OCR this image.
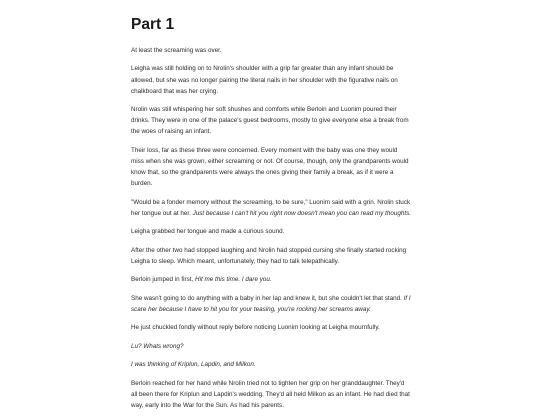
Part 1

At least the screaming was over.

Leigha was still holding on to Nrolin's shoulder with a grip far greater than any infant should be allowed, but she was no longer pairing the literal nails in her shoulder with the figurative nails on chalkboard that was her crying.

Nrolin was still whispering her soft shushes and comforts while Berloin and Luonim poured their drinks. They were in one of the palace's guest bedrooms, mostly to give everyone else a break from the woes of raising an infant.

Their loss, far as these three were concerned. Every moment with the baby was one they would miss when she was grown, either screaming or not. Of course, though, only the grandparents would know that, so the grandparents were always the ones giving their family a break, as if it were a burden.

"Would be a fonder memory without the screaming, to be sure," Luonim said with a grin. Nrolin stuck her tongue out at her. Just because I can't hit you right now doesn't mean you can read my thoughts.

Leigha grabbed her tongue and made a curious sound.

After the other two had stopped laughing and Nrolin had stopped cursing she finally started rocking Leigha to sleep. Which meant, unfortunately, they had to talk telepathically.

Berloin jumped in first, Hit me this time. I dare you.

She wasn't going to do anything with a baby in her lap and knew it, but she couldn't let that stand. If I scare her because I have to hit you for your teasing, you're rocking her screams away.

He just chuckled fondly without reply before noticing Luonim looking at Leigha mournfully.

Lu? Whats wrong?

I was thinking of Kriplun, Lapdin, and Milkon.

Berloin reached for her hand while Nrolin tried not to tighten her grip on her granddaughter. They'd all been there for Kriplun and Lapdin's wedding. They'd all held Milkon as an infant. He had died that way, early into the War for the Sun. As had his parents.
